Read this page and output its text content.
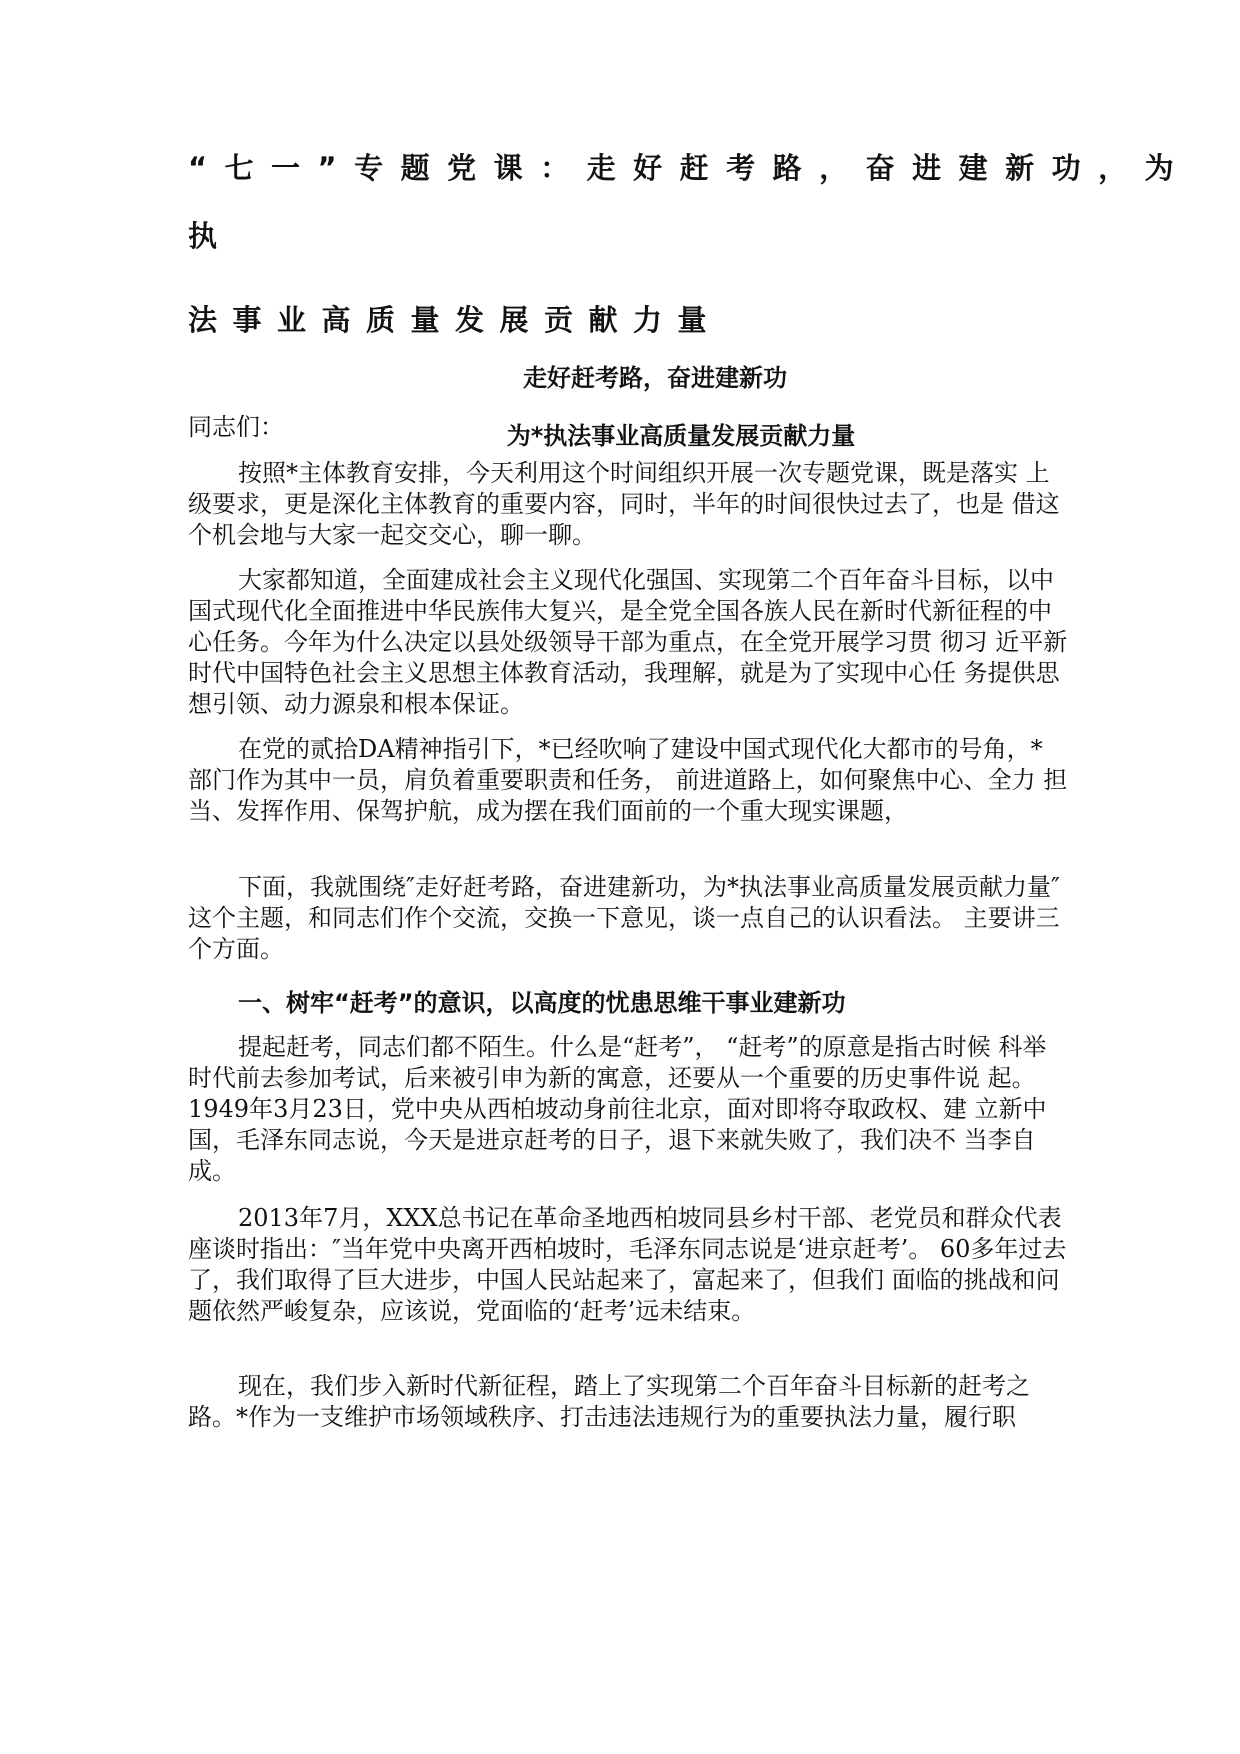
“七一”专题党课：走好赶考路，奋进建新功，为
执
法事业高质量发展贡献力量
走好赶考路，奋进建新功
为*执法事业高质量发展贡献力量

同志们：

按照*主体教育安排，今天利用这个时间组织开展一次专题党课，既是落实 上级要求，更是深化主体教育的重要内容，同时，半年的时间很快过去了，也是 借这个机会地与大家一起交交心，聊一聊。

大家都知道，全面建成社会主义现代化强国、实现第二个百年奋斗目标，以中国式现代化全面推进中华民族伟大复兴，是全党全国各族人民在新时代新征程的中心任务。今年为什么决定以县处级领导干部为重点，在全党开展学习贯 彻习 近平新时代中国特色社会主义思想主体教育活动，我理解，就是为了实现中心任 务提供思想引领、动力源泉和根本保证。

在党的贰拾DA精神指引下，*已经吹响了建设中国式现代化大都市的号角，* 部门作为其中一员，肩负着重要职责和任务， 前进道路上，如何聚焦中心、全力 担当、发挥作用、保驾护航，成为摆在我们面前的一个重大现实课题，

下面，我就围绕″走好赶考路，奋进建新功，为*执法事业高质量发展贡献力量″这个主题，和同志们作个交流，交换一下意见，谈一点自己的认识看法。 主要讲三个方面。

一、树牢“赶考”的意识，以高度的忧患思维干事业建新功

提起赶考，同志们都不陌生。什么是“赶考”， “赶考”的原意是指古时候 科举时代前去参加考试，后来被引申为新的寓意，还要从一个重要的历史事件说 起。1949年3月23日，党中央从西柏坡动身前往北京，面对即将夺取政权、建 立新中国，毛泽东同志说，今天是进京赶考的日子，退下来就失败了，我们决不 当李自成。

2013年7月，XXX总书记在革命圣地西柏坡同县乡村干部、老党员和群众代表座谈时指出：″当年党中央离开西柏坡时，毛泽东同志说是‘进京赶考’。 60多年过去了，我们取得了巨大进步，中国人民站起来了，富起来了，但我们 面临的挑战和问题依然严峻复杂，应该说，党面临的‘赶考’远未结束。

现在，我们步入新时代新征程，踏上了实现第二个百年奋斗目标新的赶考之 路。*作为一支维护市场领域秩序、打击违法违规行为的重要执法力量，履行职
